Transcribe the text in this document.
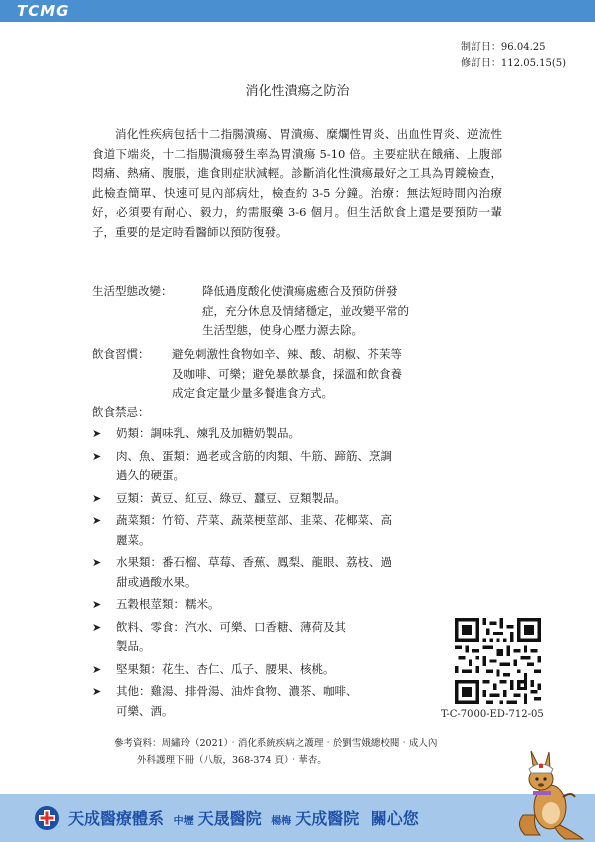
TCMG
制訂日：96.04.25
修訂日：112.05.15(5)
消化性潰瘍之防治
消化性疾病包括十二指腸潰瘍、胃潰瘍、糜爛性胃炎、出血性胃炎、逆流性食道下端炎，十二指腸潰瘍發生率為胃潰瘍 5-10 倍。主要症狀在餓痛、上腹部悶痛、熱痛、腹脹，進食則症狀減輕。診斷消化性潰瘍最好之工具為胃鏡檢查，此檢查簡單、快速可見內部病灶，檢查約 3-5 分鐘。治療：無法短時間內治療好，必須要有耐心、毅力，約需服藥 3-6 個月。但生活飲食上還是要預防一輩子，重要的是定時看醫師以預防復發。
生活型態改變：	降低過度酸化使潰瘍處癒合及預防併發
症，充分休息及情緒穩定，並改變平常的
生活型態，使身心壓力源去除。
飲食習慣： 避免刺激性食物如辛、辣、酸、胡椒、芥茉等
及咖啡、可樂；避免暴飲暴食，採溫和飲食養
成定食定量少量多餐進食方式。
飲食禁忌：
➤ 奶類：調味乳、煉乳及加糖奶製品。
➤ 肉、魚、蛋類：過老或含筋的肉類、牛筋、蹄筋、烹調
過久的硬蛋。
➤ 豆類：黃豆、紅豆、綠豆、蠶豆、豆類製品。
➤ 蔬菜類：竹筍、芹菜、蔬菜梗莖部、韭菜、花椰菜、高
麗菜。
➤ 水果類：番石榴、草莓、香蕉、鳳梨、龍眼、荔枝、過
甜或過酸水果。
➤ 五穀根莖類：糯米。
➤ 飲料、零食：汽水、可樂、口香糖、薄荷及其
製品。
➤ 堅果類：花生、杏仁、瓜子、腰果、核桃。
➤ 其他：雞湯、排骨湯、油炸食物、濃茶、咖啡、
可樂、酒。	T-C-7000-ED-712-05
參考資料：周繡玲（2021）‧消化系統疾病之護理‧於劉雪娥總校閱‧成人內
外科護理下冊（八版，368-374 頁）‧華杏。
天成醫療體系 中壢 天晟醫院 楊梅 天成醫院 關心您
